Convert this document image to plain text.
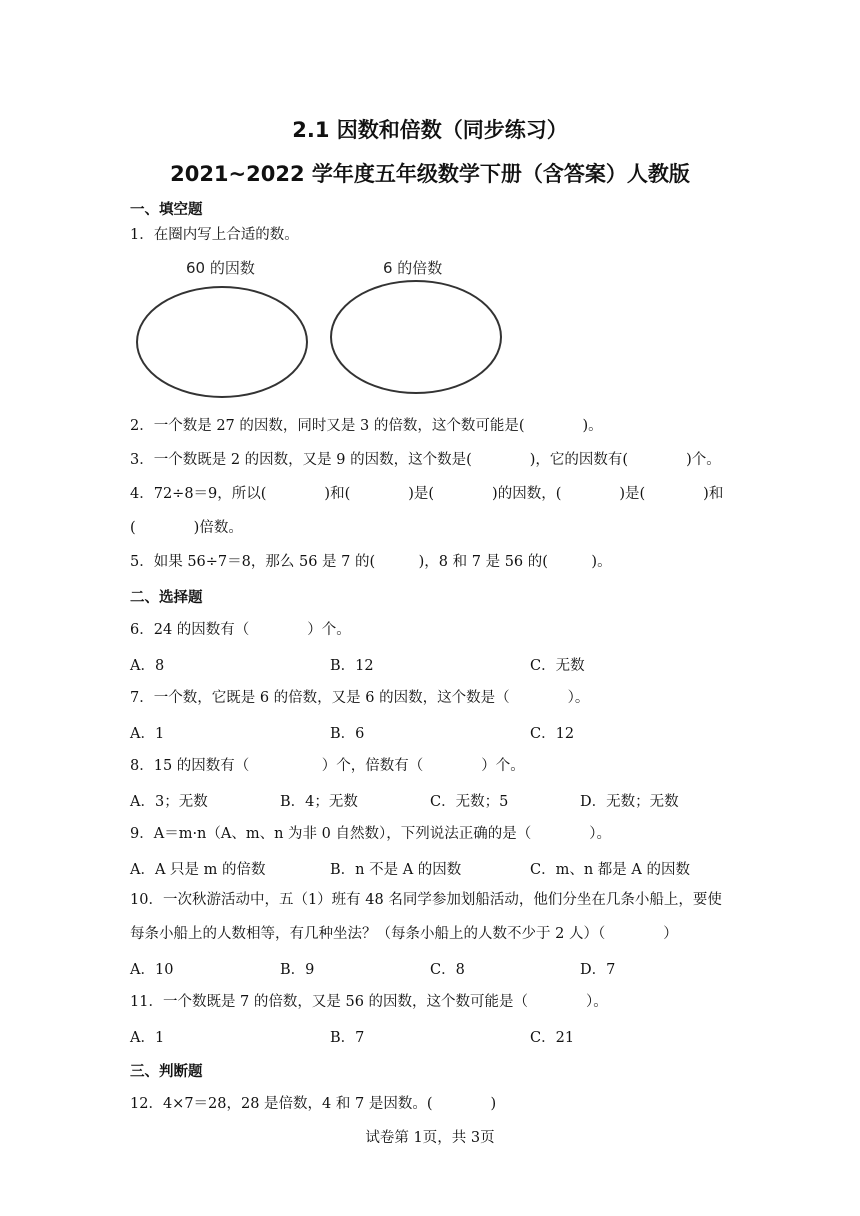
2.1 因数和倍数（同步练习）
2021~2022 学年度五年级数学下册（含答案）人教版
一、填空题
1．在圈内写上合适的数。
60 的因数	6 的倍数
2．一个数是 27 的因数，同时又是 3 的倍数，这个数可能是(　　　　)。
3．一个数既是 2 的因数，又是 9 的因数，这个数是(　　　　)，它的因数有(　　　　)个。
4．72÷8＝9，所以(　　　　)和(　　　　)是(　　　　)的因数，(　　　　)是(　　　　)和
(　　　　)倍数。
5．如果 56÷7＝8，那么 56 是 7 的(　　　)，8 和 7 是 56 的(　　　)。
二、选择题
6．24 的因数有（　　　　）个。
A．8	B．12	C．无数
7．一个数，它既是 6 的倍数，又是 6 的因数，这个数是（　　　　）。
A．1	B．6	C．12
8．15 的因数有（　　　　　）个，倍数有（　　　　）个。
A．3；无数	B．4；无数	C．无数；5	D．无数；无数
9．A＝m·n（A、m、n 为非 0 自然数），下列说法正确的是（　　　　）。
A．A 只是 m 的倍数	B．n 不是 A 的因数	C．m、n 都是 A 的因数
10．一次秋游活动中，五（1）班有 48 名同学参加划船活动，他们分坐在几条小船上，要使
每条小船上的人数相等，有几种坐法？（每条小船上的人数不少于 2 人）（　　　　）
A．10	B．9	C．8	D．7
11．一个数既是 7 的倍数，又是 56 的因数，这个数可能是（　　　　）。
A．1	B．7	C．21
三、判断题
12．4×7＝28，28 是倍数，4 和 7 是因数。(　　　　)
试卷第 1页，共 3页
